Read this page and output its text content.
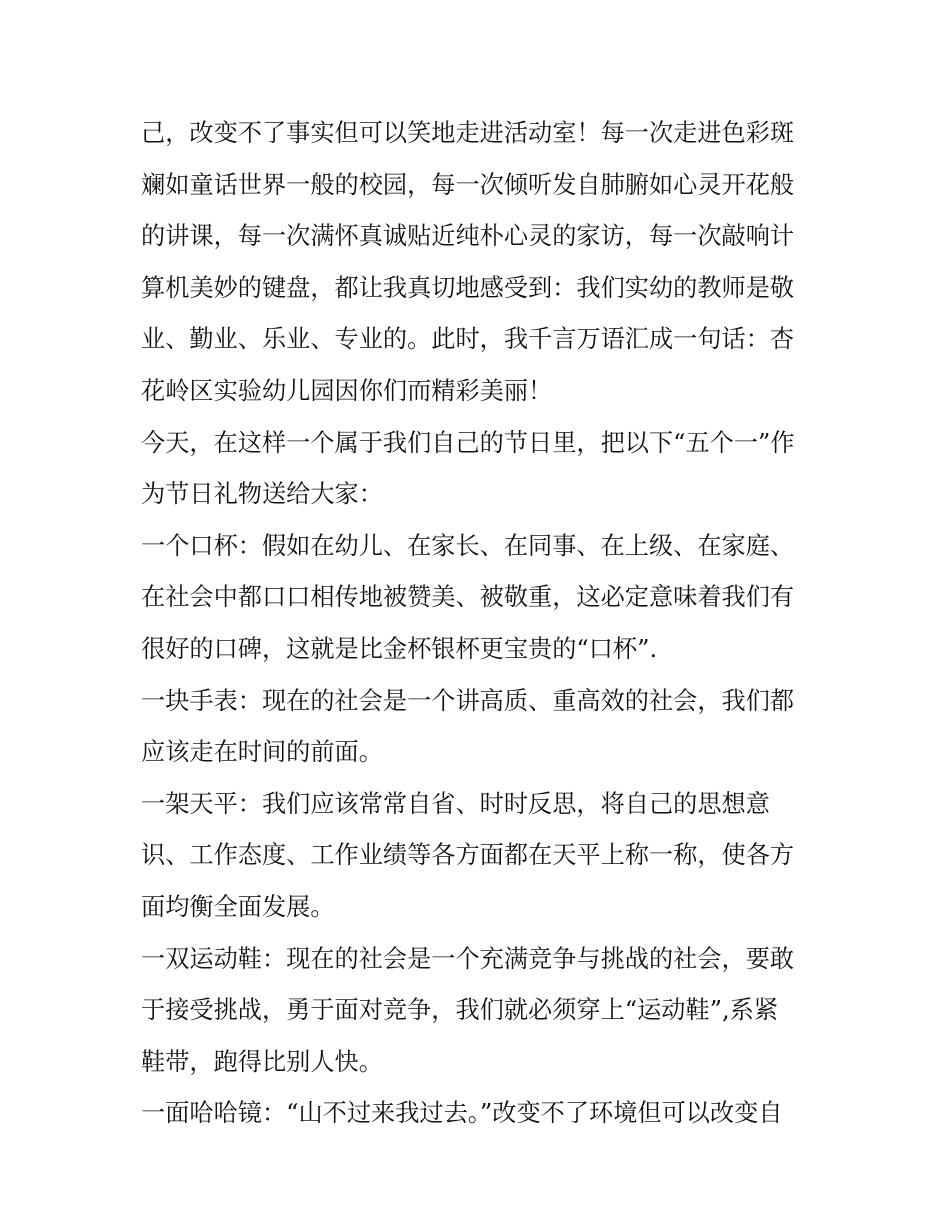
己，改变不了事实但可以笑地走进活动室！每一次走进色彩斑
斓如童话世界一般的校园，每一次倾听发自肺腑如心灵开花般
的讲课，每一次满怀真诚贴近纯朴心灵的家访，每一次敲响计
算机美妙的键盘，都让我真切地感受到：我们实幼的教师是敬
业、勤业、乐业、专业的。此时，我千言万语汇成一句话：杏
花岭区实验幼儿园因你们而精彩美丽！
今天，在这样一个属于我们自己的节日里，把以下“五个一”作
为节日礼物送给大家：
一个口杯：假如在幼儿、在家长、在同事、在上级、在家庭、
在社会中都口口相传地被赞美、被敬重，这必定意味着我们有
很好的口碑，这就是比金杯银杯更宝贵的“口杯”.
一块手表：现在的社会是一个讲高质、重高效的社会，我们都
应该走在时间的前面。
一架天平：我们应该常常自省、时时反思，将自己的思想意
识、工作态度、工作业绩等各方面都在天平上称一称，使各方
面均衡全面发展。
一双运动鞋：现在的社会是一个充满竞争与挑战的社会，要敢
于接受挑战，勇于面对竞争，我们就必须穿上“运动鞋”,系紧
鞋带，跑得比别人快。
一面哈哈镜：“山不过来我过去。”改变不了环境但可以改变自
